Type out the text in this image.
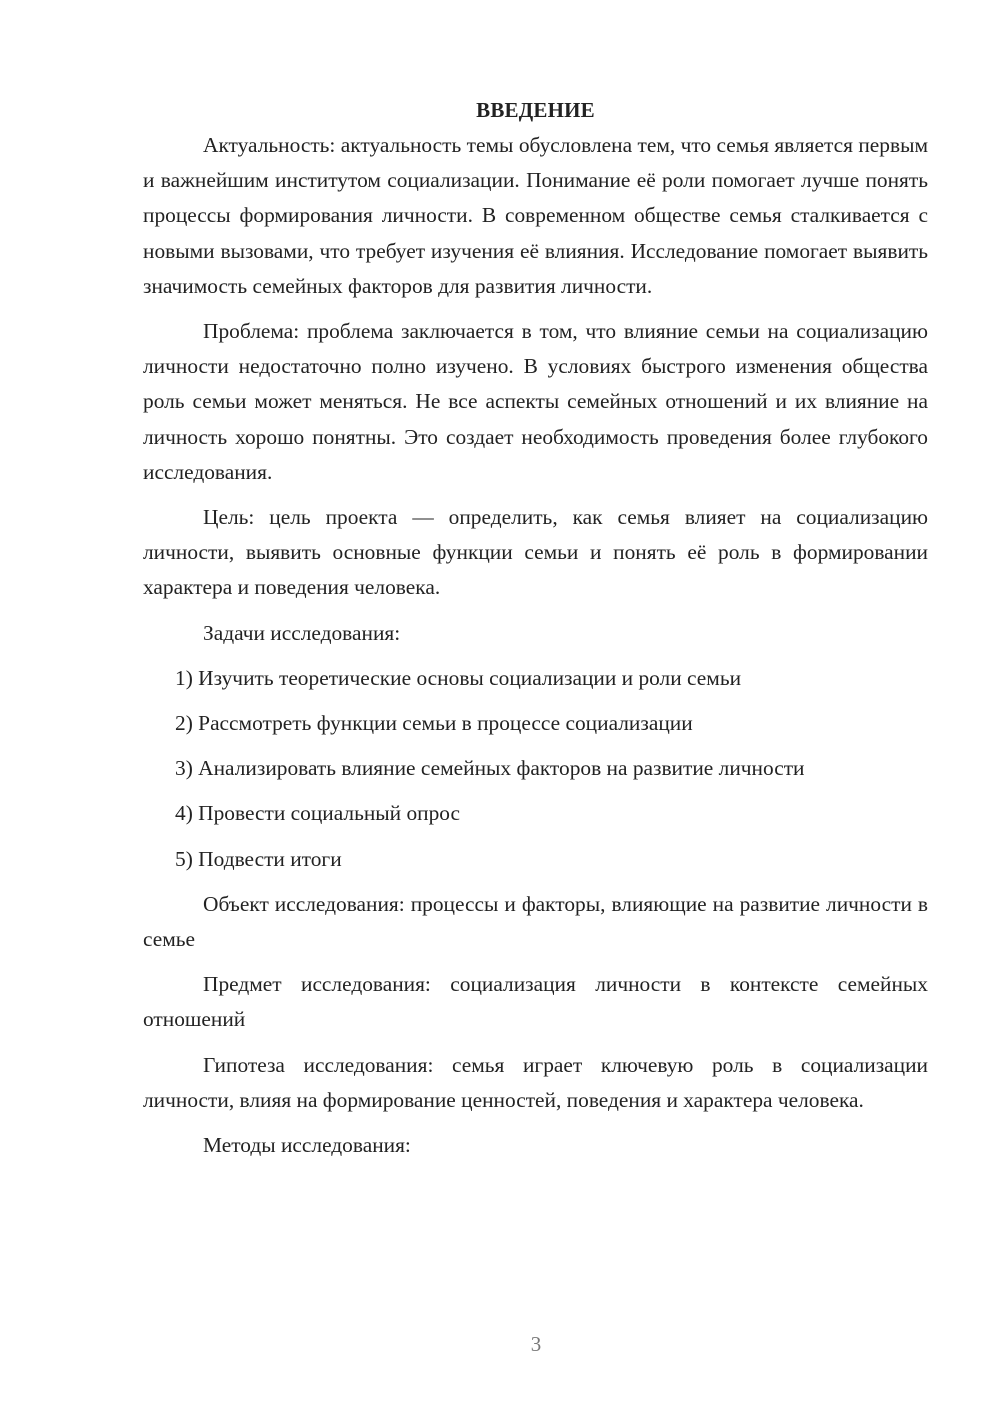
ВВЕДЕНИЕ

Актуальность: актуальность темы обусловлена тем, что семья является первым и важнейшим институтом социализации. Понимание её роли помогает лучше понять процессы формирования личности. В современном обществе семья сталкивается с новыми вызовами, что требует изучения её влияния. Исследование помогает выявить значимость семейных факторов для развития личности.

Проблема: проблема заключается в том, что влияние семьи на социализацию личности недостаточно полно изучено. В условиях быстрого изменения общества роль семьи может меняться. Не все аспекты семейных отношений и их влияние на личность хорошо понятны. Это создает необходимость проведения более глубокого исследования.

Цель: цель проекта — определить, как семья влияет на социализацию личности, выявить основные функции семьи и понять её роль в формировании характера и поведения человека.

Задачи исследования:

1) Изучить теоретические основы социализации и роли семьи
2) Рассмотреть функции семьи в процессе социализации
3) Анализировать влияние семейных факторов на развитие личности
4) Провести социальный опрос
5) Подвести итоги

Объект исследования: процессы и факторы, влияющие на развитие личности в семье

Предмет исследования: социализация личности в контексте семейных отношений

Гипотеза исследования: семья играет ключевую роль в социализации личности, влияя на формирование ценностей, поведения и характера человека.

Методы исследования:

3
